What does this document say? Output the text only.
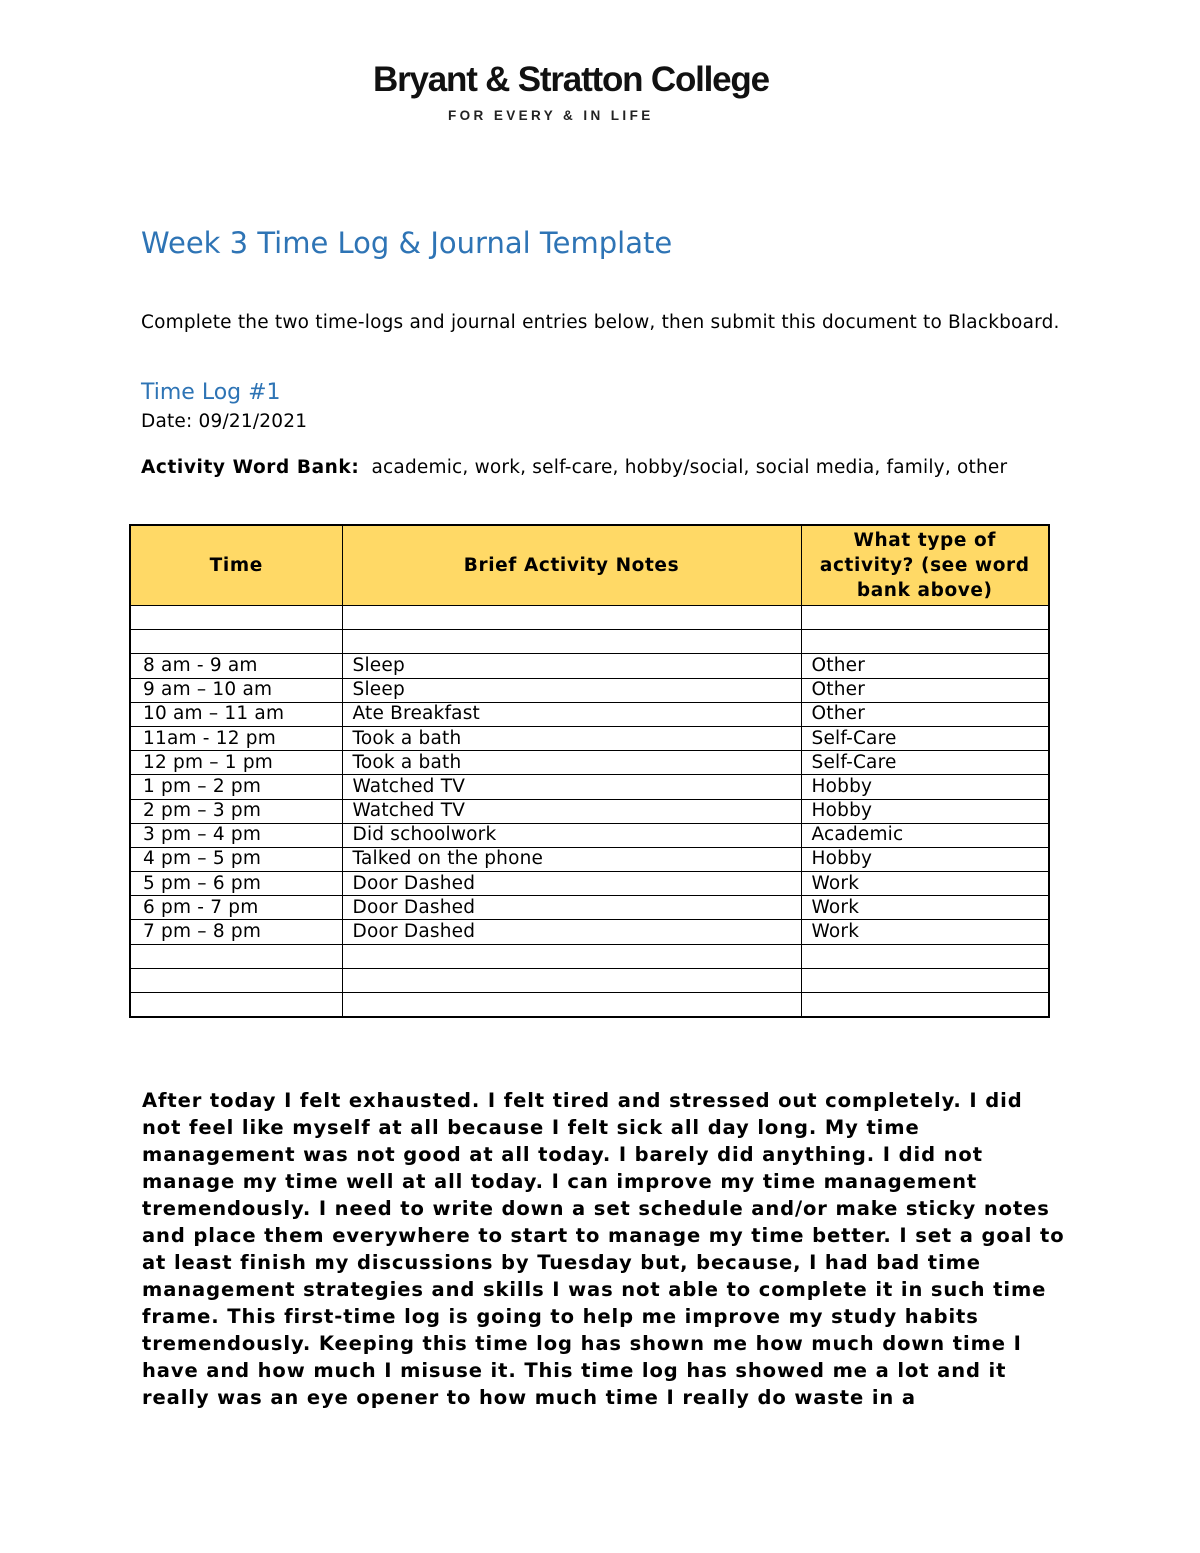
Bryant & Stratton College
FOR EVERY & IN LIFE
Week 3 Time Log & Journal Template

Complete the two time-logs and journal entries below, then submit this document to Blackboard.

Time Log #1
Date: 09/21/2021

Activity Word Bank: academic, work, self-care, hobby/social, social media, family, other

Time	Brief Activity Notes	What type of activity? (see word bank above)

8 am - 9 am	Sleep	Other
9 am – 10 am	Sleep	Other
10 am – 11 am	Ate Breakfast	Other
11am - 12 pm	Took a bath	Self-Care
12 pm – 1 pm	Took a bath	Self-Care
1 pm – 2 pm	Watched TV	Hobby
2 pm – 3 pm	Watched TV	Hobby
3 pm – 4 pm	Did schoolwork	Academic
4 pm – 5 pm	Talked on the phone	Hobby
5 pm – 6 pm	Door Dashed	Work
6 pm - 7 pm	Door Dashed	Work
7 pm – 8 pm	Door Dashed	Work

After today I felt exhausted. I felt tired and stressed out completely. I did not feel like myself at all because I felt sick all day long. My time management was not good at all today. I barely did anything. I did not manage my time well at all today. I can improve my time management tremendously. I need to write down a set schedule and/or make sticky notes and place them everywhere to start to manage my time better. I set a goal to at least finish my discussions by Tuesday but, because, I had bad time management strategies and skills I was not able to complete it in such time frame. This first-time log is going to help me improve my study habits tremendously. Keeping this time log has shown me how much down time I have and how much I misuse it. This time log has showed me a lot and it really was an eye opener to how much time I really do waste in a
